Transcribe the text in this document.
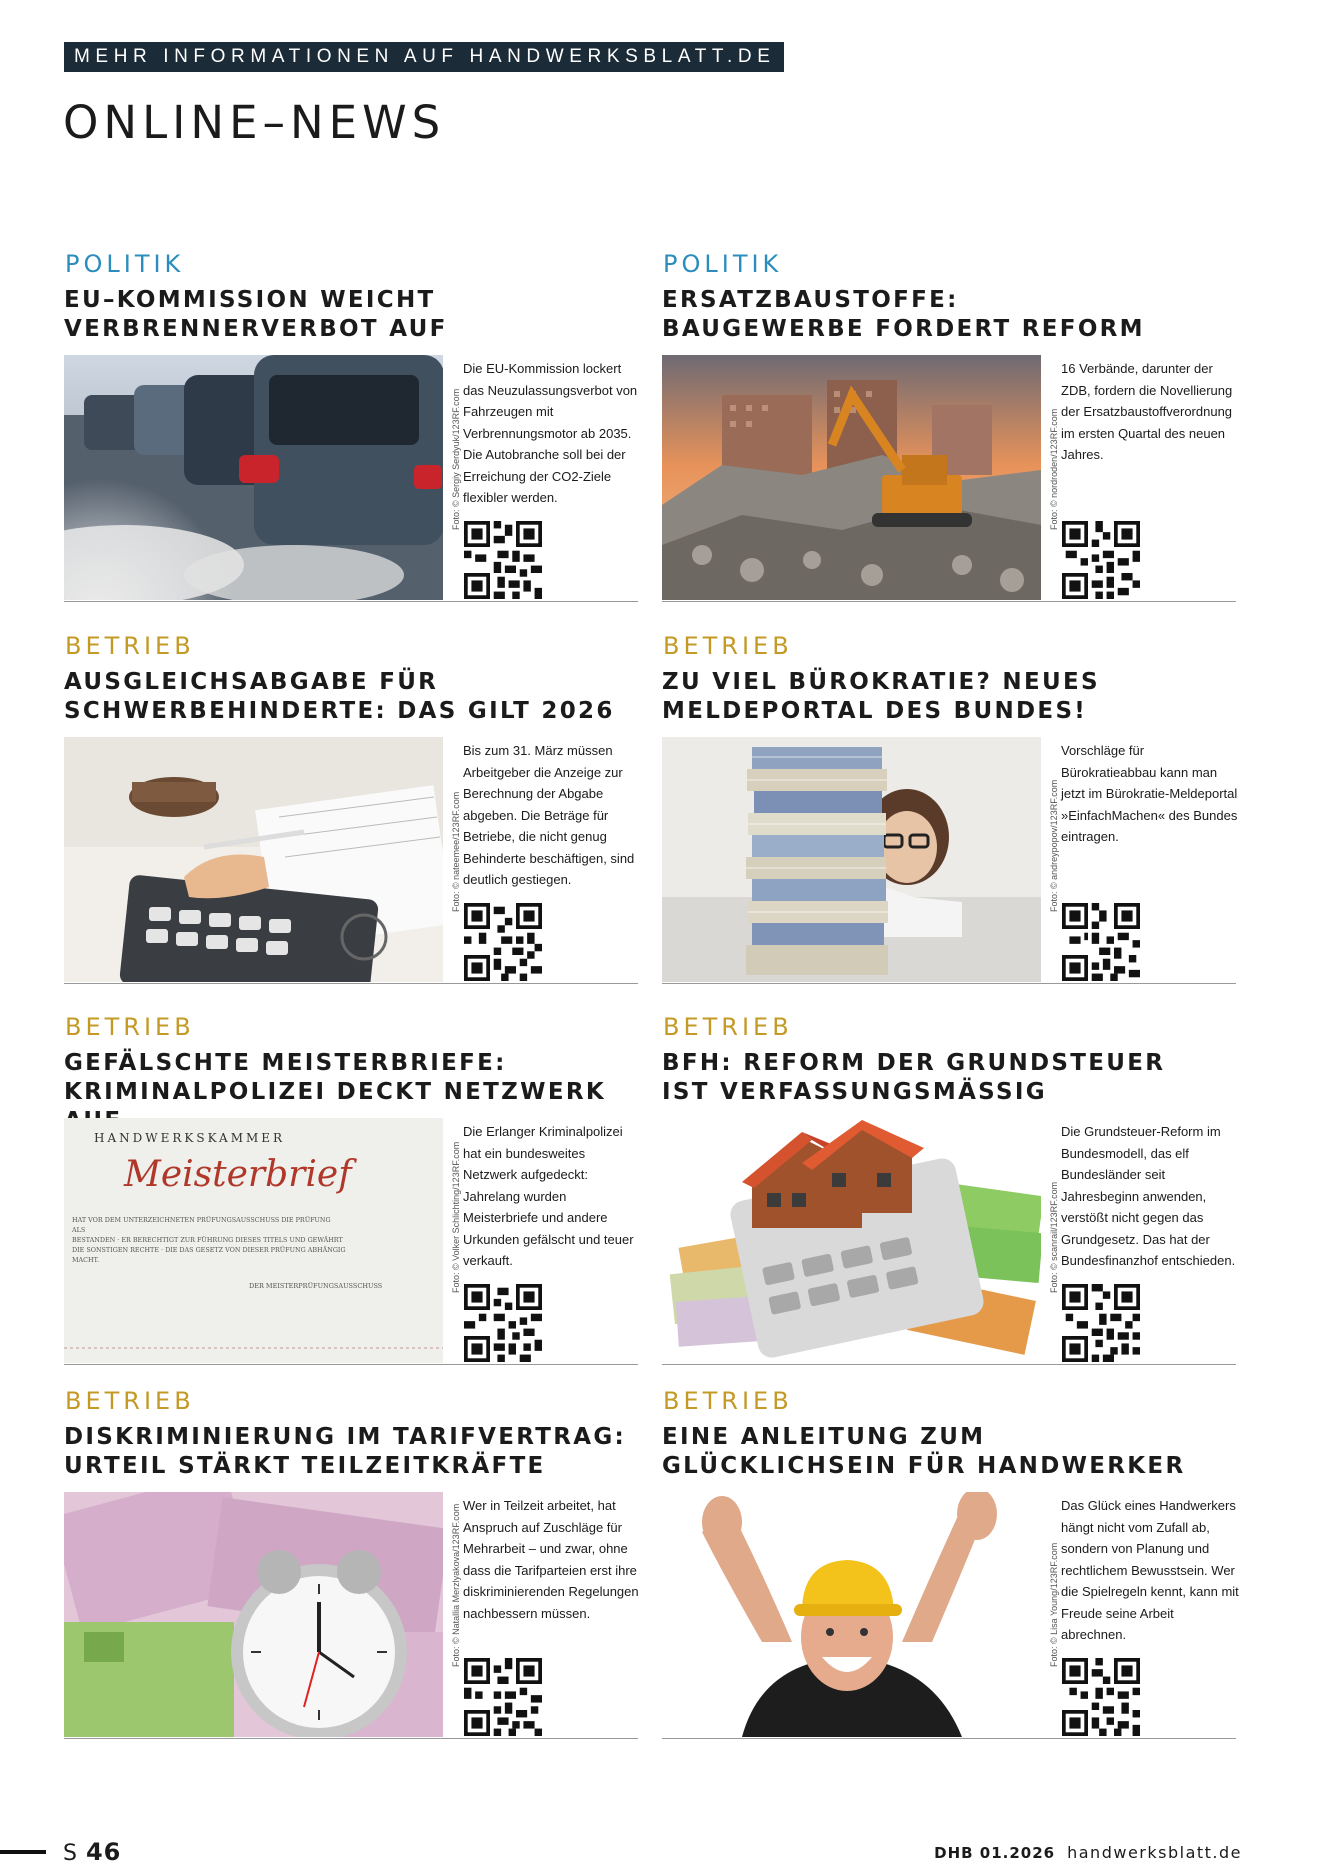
MEHR INFORMATIONEN AUF HANDWERKSBLATT.DE
ONLINE–NEWS
POLITIK
EU–KOMMISSION WEICHT
VERBRENNERVERBOT AUF
Foto: © Sergiy Serdyuk/123RF.com

Die EU-Kommission lockert das Neuzulassungsverbot von Fahrzeugen mit Verbrennungsmotor ab 2035. Die Autobranche soll bei der Erreichung der CO2-Ziele flexibler werden.

POLITIK
ERSATZBAUSTOFFE:
BAUGEWERBE FORDERT REFORM
Foto: © nordroden/123RF.com

16 Verbände, darunter der ZDB, fordern die Novellierung der Ersatzbaustoffverordnung im ersten Quartal des neuen Jahres.

BETRIEB
AUSGLEICHSABGABE FÜR
SCHWERBEHINDERTE: DAS GILT 2026
Foto: © nateemee/123RF.com

Bis zum 31. März müssen Arbeitgeber die Anzeige zur Berechnung der Abgabe abgeben. Die Beträge für Betriebe, die nicht genug Behinderte beschäftigen, sind deutlich gestiegen.

BETRIEB
ZU VIEL BÜROKRATIE? NEUES
MELDEPORTAL DES BUNDES!
Foto: © andreypopov/123RF.com

Vorschläge für Bürokratieabbau kann man jetzt im Bürokratie-Meldeportal »EinfachMachen« des Bundes eintragen.

BETRIEB
GEFÄLSCHTE MEISTERBRIEFE:
KRIMINALPOLIZEI DECKT NETZWERK
HANDWERKSKAMMER
Meisterbrief
HAT VOR DEM UNTERZEICHNETEN PRÜFUNGSAUSSCHUSS DIE PRÜFUNG
ALS
BESTANDEN · ER BERECHTIGT ZUR FÜHRUNG DIESES TITELS UND GEWÄHRT
DIE SONSTIGEN RECHTE · DIE DAS GESETZ VON DIESER PRÜFUNG ABHÄNGIG
MACHT.
DER MEISTERPRÜFUNGSAUSSCHUSS	Foto: © Volker Schlichting/123RF.com

Die Erlanger Kriminalpolizei hat ein bundesweites Netzwerk aufgedeckt: Jahrelang wurden Meisterbriefe und andere Urkunden gefälscht und teuer verkauft.

BETRIEB
BFH: REFORM DER GRUNDSTEUER
IST VERFASSUNGSMÄSSIG
Foto: © scanrail/123RF.com

Die Grundsteuer-Reform im Bundesmodell, das elf Bundesländer seit Jahresbeginn anwenden, verstößt nicht gegen das Grundgesetz. Das hat der Bundesfinanzhof entschieden.

BETRIEB
DISKRIMINIERUNG IM TARIFVERTRAG:
URTEIL STÄRKT TEILZEITKRÄFTE
Foto: © Natallia Merzlyakova/123RF.com Wer in Teilzeit arbeitet, hat Anspruch auf Zuschläge für Mehrarbeit – und zwar, ohne dass die Tarifparteien erst ihre diskriminierenden Regelungen nachbessern müssen.

BETRIEB
EINE ANLEITUNG ZUM
GLÜCKLICHSEIN FÜR HANDWERKER
Foto: © Lisa Young/123RF.com

Das Glück eines Handwerkers hängt nicht vom Zufall ab, sondern von Planung und rechtlichem Bewusstsein. Wer die Spielregeln kennt, kann mit Freude seine Arbeit abrechnen.

S 46	DHB 01.2026 handwerksblatt.de
